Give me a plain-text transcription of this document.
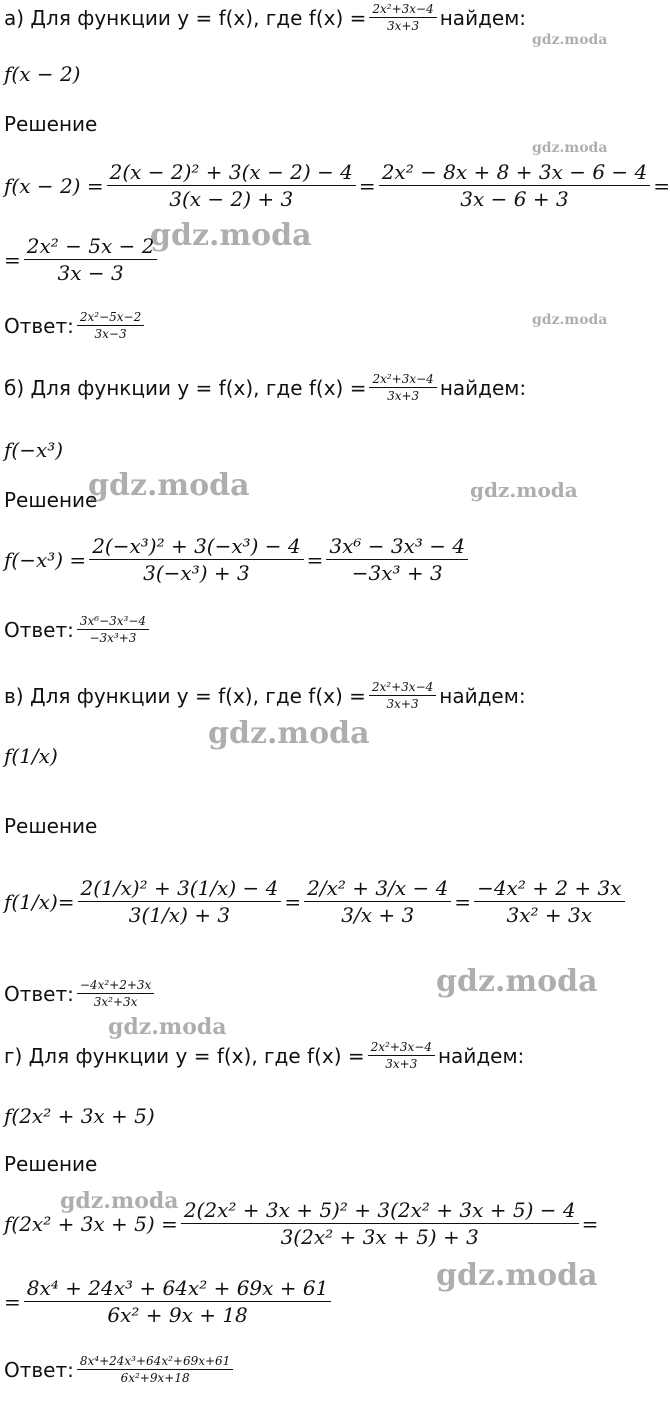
а) Для функции y = f(x), где $f(x) = \frac{\text{2x²+3x−4}}{3x+3}$ найдем:
f(x − 2)
Решение
$f(x - 2) = \frac{\text{2(x − 2)² + 3(x − 2) − 4}}{3(x - 2) + 3} = \frac{\text{2x² − 8x + 8 + 3x − 6 − 4}}{3x - 6 + 3}$ =
= $\frac{\text{2x² − 5x − 2}}{3x - 3}$
Ответ: $\frac{\text{2x²−5x−2}}{3x-3}$
б) Для функции y = f(x), где $f(x) = \frac{\text{2x²+3x−4}}{3x+3}$ найдем:
f(−x³)
Решение
$f(-x^3) = \frac{\text{2(−x³)² + 3(−x³) − 4}}{\text{3(−x³) + 3}} = \frac{\text{3x⁶ − 3x³ − 4}}{\text{−3x³ + 3}}$
Ответ: $\frac{\text{3x⁶−3x³−4}}{\text{−3x³+3}}$
в) Для функции y = f(x), где $f(x) = \frac{\text{2x²+3x−4}}{3x+3}$ найдем:
f(1/x)
Решение
$f(1/x) = \frac{\text{2(1/x)² + 3(1/x) − 4}}{3(1/x) + 3} = \frac{\text{2/x² + 3/x − 4}}{3/x + 3} = \frac{\text{−4x² + 2 + 3x}}{\text{3x² + 3x}}$
Ответ: $\frac{\text{−4x²+2+3x}}{\text{3x²+3x}}$
г) Для функции y = f(x), где $f(x) = \frac{\text{2x²+3x−4}}{3x+3}$ найдем:
f(2x² + 3x + 5)
Решение
$f(2x^2 + 3x + 5) = \frac{\text{2(2x² + 3x + 5)² + 3(2x² + 3x + 5) − 4}}{\text{3(2x² + 3x + 5) + 3}}$ =
= $\frac{\text{8x⁴ + 24x³ + 64x² + 69x + 61}}{\text{6x² + 9x + 18}}$
Ответ: $\frac{\text{8x⁴+24x³+64x²+69x+61}}{\text{6x²+9x+18}}$
gdz.moda
gdz.moda
gdz.moda
gdz.moda
gdz.moda	gdz.moda
gdz.moda
gdz.moda
gdz.moda
gdz.moda
gdz.moda
